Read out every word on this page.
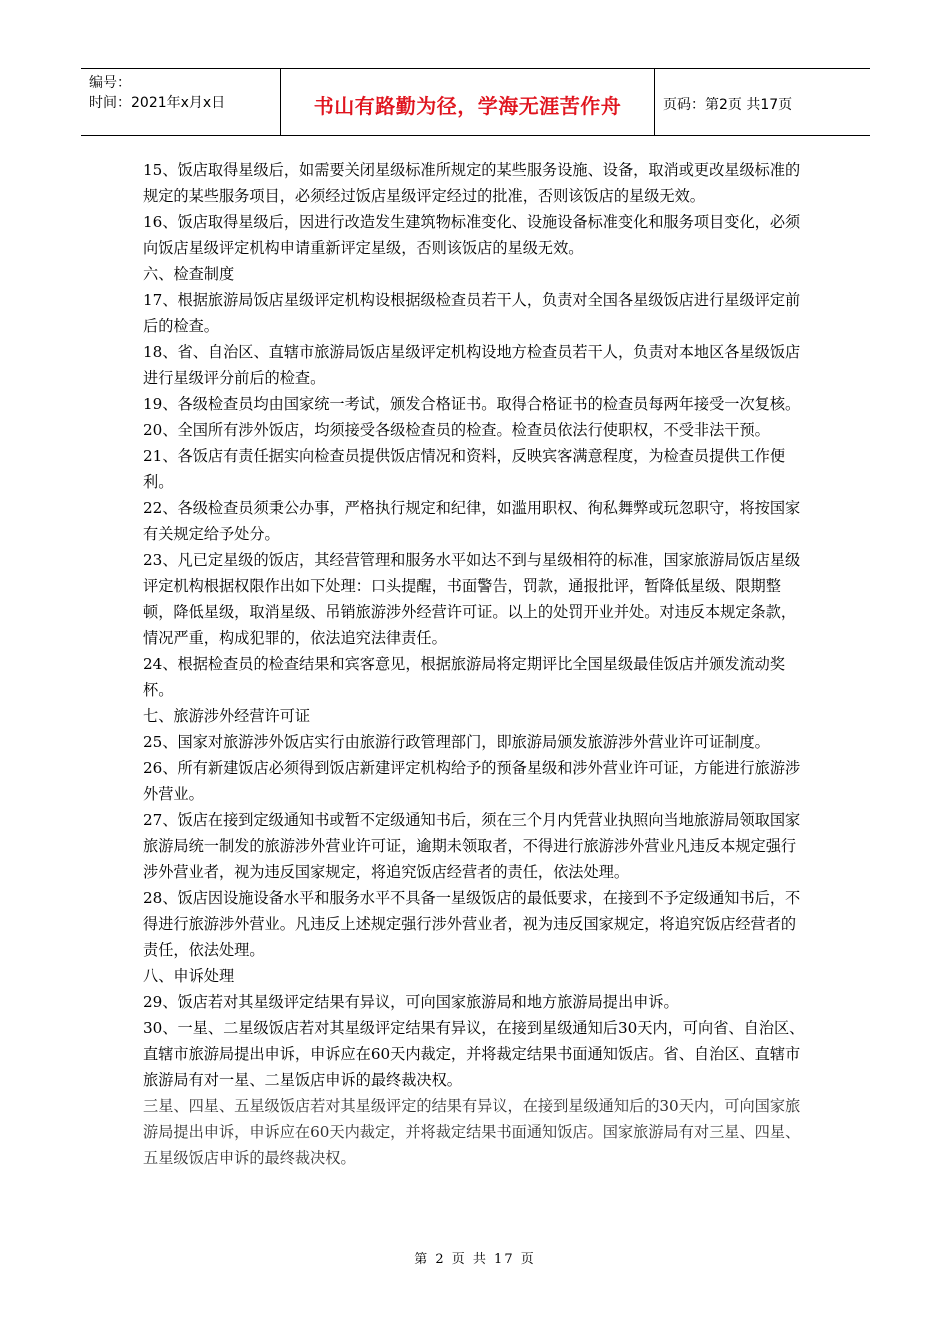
编号：
时间：2021年x月x日	书山有路勤为径，学海无涯苦作舟	页码：第2页 共17页

15、饭店取得星级后，如需要关闭星级标准所规定的某些服务设施、设备，取消或更改星级标准的规定的某些服务项目，必须经过饭店星级评定经过的批准，否则该饭店的星级无效。

16、饭店取得星级后，因进行改造发生建筑物标准变化、设施设备标准变化和服务项目变化，必须向饭店星级评定机构申请重新评定星级，否则该饭店的星级无效。

六、检查制度

17、根据旅游局饭店星级评定机构设根据级检查员若干人，负责对全国各星级饭店进行星级评定前后的检查。

18、省、自治区、直辖市旅游局饭店星级评定机构设地方检查员若干人，负责对本地区各星级饭店进行星级评分前后的检查。

19、各级检查员均由国家统一考试，颁发合格证书。取得合格证书的检查员每两年接受一次复核。

20、全国所有涉外饭店，均须接受各级检查员的检查。检查员依法行使职权，不受非法干预。

21、各饭店有责任据实向检查员提供饭店情况和资料，反映宾客满意程度，为检查员提供工作便利。

22、各级检查员须秉公办事，严格执行规定和纪律，如滥用职权、徇私舞弊或玩忽职守，将按国家有关规定给予处分。

23、凡已定星级的饭店，其经营管理和服务水平如达不到与星级相符的标准，国家旅游局饭店星级评定机构根据权限作出如下处理：口头提醒，书面警告，罚款，通报批评，暂降低星级、限期整顿，降低星级，取消星级、吊销旅游涉外经营许可证。以上的处罚开业并处。对违反本规定条款，情况严重，构成犯罪的，依法追究法律责任。

24、根据检查员的检查结果和宾客意见，根据旅游局将定期评比全国星级最佳饭店并颁发流动奖杯。

七、旅游涉外经营许可证

25、国家对旅游涉外饭店实行由旅游行政管理部门，即旅游局颁发旅游涉外营业许可证制度。

26、所有新建饭店必须得到饭店新建评定机构给予的预备星级和涉外营业许可证，方能进行旅游涉外营业。

27、饭店在接到定级通知书或暂不定级通知书后，须在三个月内凭营业执照向当地旅游局领取国家旅游局统一制发的旅游涉外营业许可证，逾期未领取者，不得进行旅游涉外营业凡违反本规定强行涉外营业者，视为违反国家规定，将追究饭店经营者的责任，依法处理。

28、饭店因设施设备水平和服务水平不具备一星级饭店的最低要求，在接到不予定级通知书后，不得进行旅游涉外营业。凡违反上述规定强行涉外营业者，视为违反国家规定，将追究饭店经营者的责任，依法处理。

八、申诉处理

29、饭店若对其星级评定结果有异议，可向国家旅游局和地方旅游局提出申诉。

30、一星、二星级饭店若对其星级评定结果有异议，在接到星级通知后30天内，可向省、自治区、直辖市旅游局提出申诉，申诉应在60天内裁定，并将裁定结果书面通知饭店。省、自治区、直辖市旅游局有对一星、二星饭店申诉的最终裁决权。

三星、四星、五星级饭店若对其星级评定的结果有异议，在接到星级通知后的30天内，可向国家旅游局提出申诉，申诉应在60天内裁定，并将裁定结果书面通知饭店。国家旅游局有对三星、四星、五星级饭店申诉的最终裁决权。

第 2 页 共 17 页
